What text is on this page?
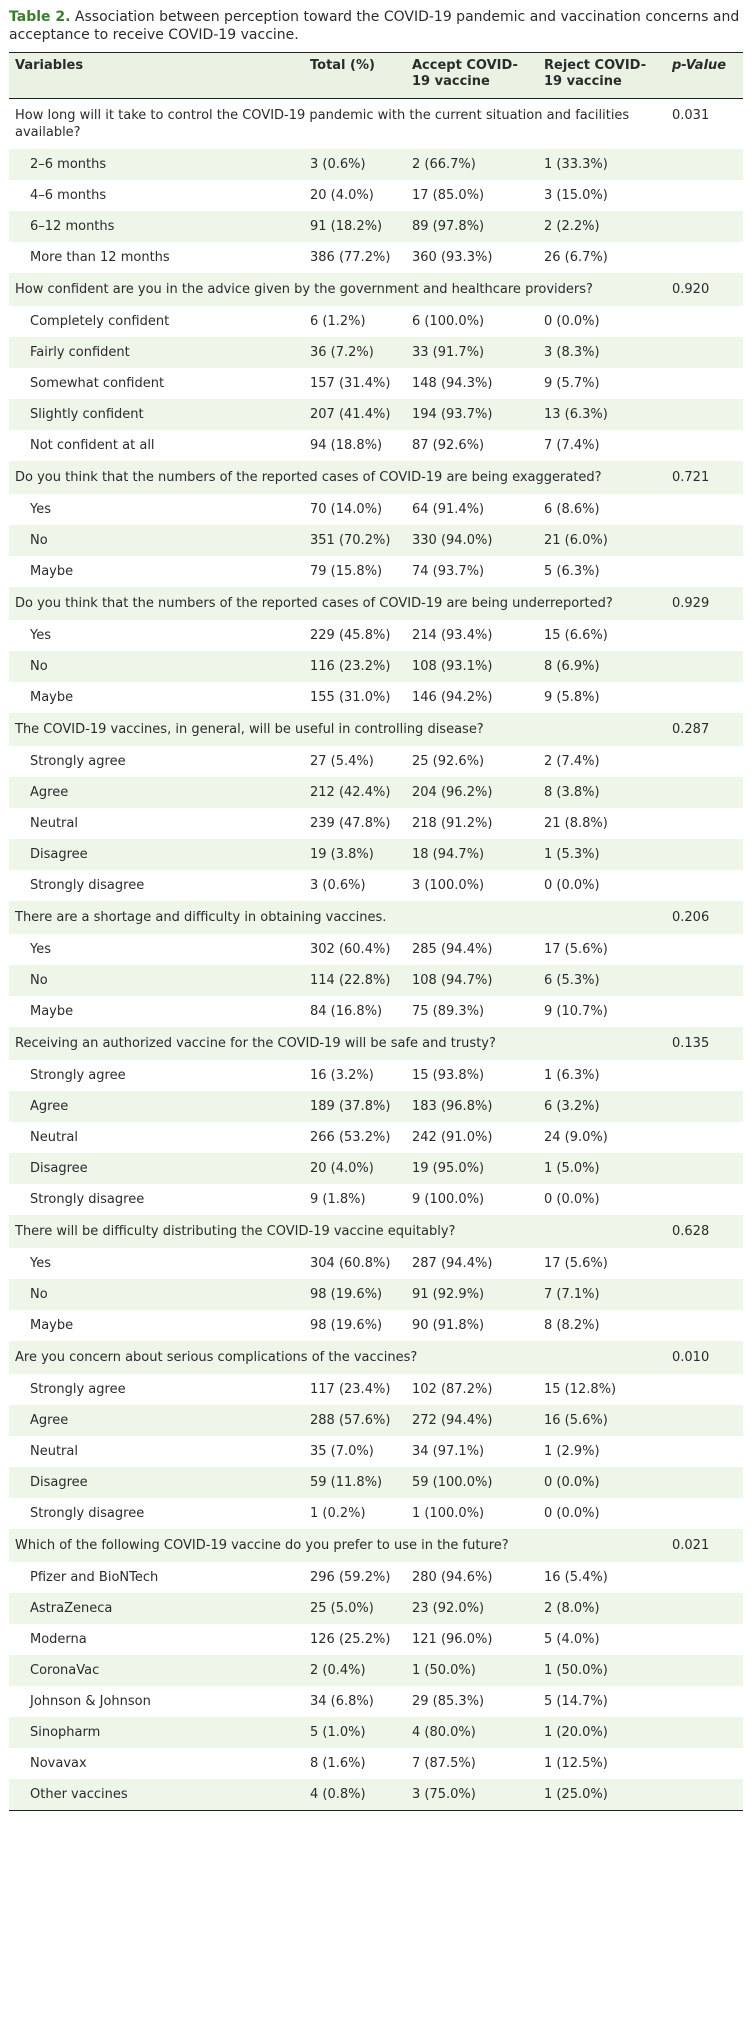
Table 2. Association between perception toward the COVID-19 pandemic and vaccination concerns and acceptance to receive COVID-19 vaccine.
Variables	Total (%)	Accept COVID-19 vaccine	Reject COVID-19 vaccine	p-Value
How long will it take to control the COVID-19 pandemic with the current situation and facilities available?				0.031
2–6 months	3 (0.6%)	2 (66.7%)	1 (33.3%)	
4–6 months	20 (4.0%)	17 (85.0%)	3 (15.0%)	
6–12 months	91 (18.2%)	89 (97.8%)	2 (2.2%)	
More than 12 months	386 (77.2%)	360 (93.3%)	26 (6.7%)	
How confident are you in the advice given by the government and healthcare providers?				0.920
Completely confident	6 (1.2%)	6 (100.0%)	0 (0.0%)	
Fairly confident	36 (7.2%)	33 (91.7%)	3 (8.3%)	
Somewhat confident	157 (31.4%)	148 (94.3%)	9 (5.7%)	
Slightly confident	207 (41.4%)	194 (93.7%)	13 (6.3%)	
Not confident at all	94 (18.8%)	87 (92.6%)	7 (7.4%)	
Do you think that the numbers of the reported cases of COVID-19 are being exaggerated?				0.721
Yes	70 (14.0%)	64 (91.4%)	6 (8.6%)	
No	351 (70.2%)	330 (94.0%)	21 (6.0%)	
Maybe	79 (15.8%)	74 (93.7%)	5 (6.3%)	
Do you think that the numbers of the reported cases of COVID-19 are being underreported?				0.929
Yes	229 (45.8%)	214 (93.4%)	15 (6.6%)	
No	116 (23.2%)	108 (93.1%)	8 (6.9%)	
Maybe	155 (31.0%)	146 (94.2%)	9 (5.8%)	
The COVID-19 vaccines, in general, will be useful in controlling disease?				0.287
Strongly agree	27 (5.4%)	25 (92.6%)	2 (7.4%)	
Agree	212 (42.4%)	204 (96.2%)	8 (3.8%)	
Neutral	239 (47.8%)	218 (91.2%)	21 (8.8%)	
Disagree	19 (3.8%)	18 (94.7%)	1 (5.3%)	
Strongly disagree	3 (0.6%)	3 (100.0%)	0 (0.0%)	
There are a shortage and difficulty in obtaining vaccines.				0.206
Yes	302 (60.4%)	285 (94.4%)	17 (5.6%)	
No	114 (22.8%)	108 (94.7%)	6 (5.3%)	
Maybe	84 (16.8%)	75 (89.3%)	9 (10.7%)	
Receiving an authorized vaccine for the COVID-19 will be safe and trusty?				0.135
Strongly agree	16 (3.2%)	15 (93.8%)	1 (6.3%)	
Agree	189 (37.8%)	183 (96.8%)	6 (3.2%)	
Neutral	266 (53.2%)	242 (91.0%)	24 (9.0%)	
Disagree	20 (4.0%)	19 (95.0%)	1 (5.0%)	
Strongly disagree	9 (1.8%)	9 (100.0%)	0 (0.0%)	
There will be difficulty distributing the COVID-19 vaccine equitably?				0.628
Yes	304 (60.8%)	287 (94.4%)	17 (5.6%)	
No	98 (19.6%)	91 (92.9%)	7 (7.1%)	
Maybe	98 (19.6%)	90 (91.8%)	8 (8.2%)	
Are you concern about serious complications of the vaccines?				0.010
Strongly agree	117 (23.4%)	102 (87.2%)	15 (12.8%)	
Agree	288 (57.6%)	272 (94.4%)	16 (5.6%)	
Neutral	35 (7.0%)	34 (97.1%)	1 (2.9%)	
Disagree	59 (11.8%)	59 (100.0%)	0 (0.0%)	
Strongly disagree	1 (0.2%)	1 (100.0%)	0 (0.0%)	
Which of the following COVID-19 vaccine do you prefer to use in the future?				0.021
Pfizer and BioNTech	296 (59.2%)	280 (94.6%)	16 (5.4%)	
AstraZeneca	25 (5.0%)	23 (92.0%)	2 (8.0%)	
Moderna	126 (25.2%)	121 (96.0%)	5 (4.0%)	
CoronaVac	2 (0.4%)	1 (50.0%)	1 (50.0%)	
Johnson & Johnson	34 (6.8%)	29 (85.3%)	5 (14.7%)	
Sinopharm	5 (1.0%)	4 (80.0%)	1 (20.0%)	
Novavax	8 (1.6%)	7 (87.5%)	1 (12.5%)	
Other vaccines	4 (0.8%)	3 (75.0%)	1 (25.0%)	
